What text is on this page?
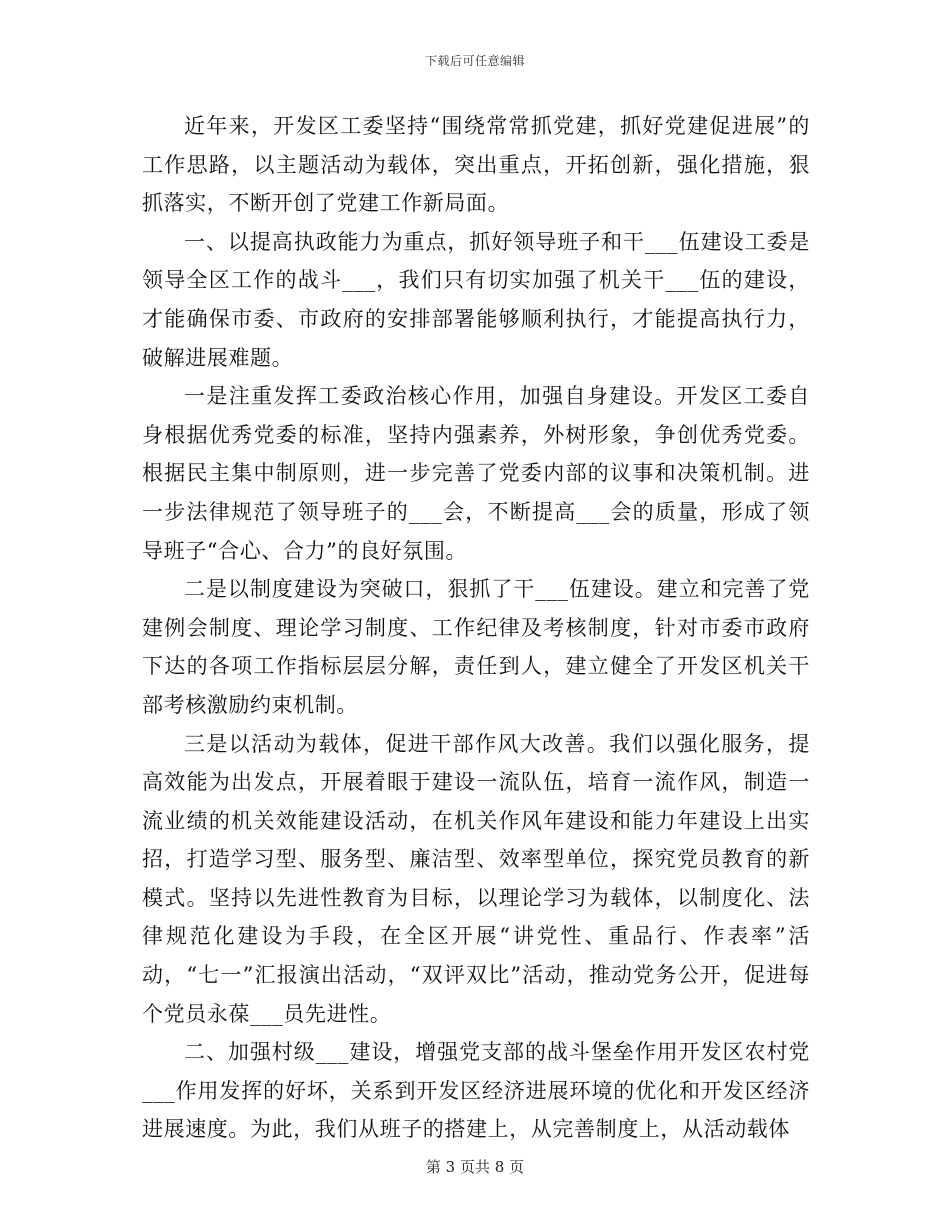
下载后可任意编辑

近年来，开发区工委坚持“围绕常常抓党建，抓好党建促进展”的工作思路，以主题活动为载体，突出重点，开拓创新，强化措施，狠抓落实，不断开创了党建工作新局面。

一、以提高执政能力为重点，抓好领导班子和干___伍建设工委是领导全区工作的战斗___，我们只有切实加强了机关干___伍的建设，才能确保市委、市政府的安排部署能够顺利执行，才能提高执行力，破解进展难题。

一是注重发挥工委政治核心作用，加强自身建设。开发区工委自身根据优秀党委的标准，坚持内强素养，外树形象，争创优秀党委。根据民主集中制原则，进一步完善了党委内部的议事和决策机制。进一步法律规范了领导班子的___会，不断提高___会的质量，形成了领导班子“合心、合力”的良好氛围。

二是以制度建设为突破口，狠抓了干___伍建设。建立和完善了党建例会制度、理论学习制度、工作纪律及考核制度，针对市委市政府下达的各项工作指标层层分解，责任到人，建立健全了开发区机关干部考核激励约束机制。

三是以活动为载体，促进干部作风大改善。我们以强化服务，提高效能为出发点，开展着眼于建设一流队伍，培育一流作风，制造一流业绩的机关效能建设活动，在机关作风年建设和能力年建设上出实招，打造学习型、服务型、廉洁型、效率型单位，探究党员教育的新模式。坚持以先进性教育为目标，以理论学习为载体，以制度化、法律规范化建设为手段，在全区开展“讲党性、重品行、作表率”活动，“七一”汇报演出活动，“双评双比”活动，推动党务公开，促进每个党员永葆___员先进性。

二、加强村级___建设，增强党支部的战斗堡垒作用开发区农村党___作用发挥的好坏，关系到开发区经济进展环境的优化和开发区经济进展速度。为此，我们从班子的搭建上，从完善制度上，从活动载体

第 3 页共 8 页
